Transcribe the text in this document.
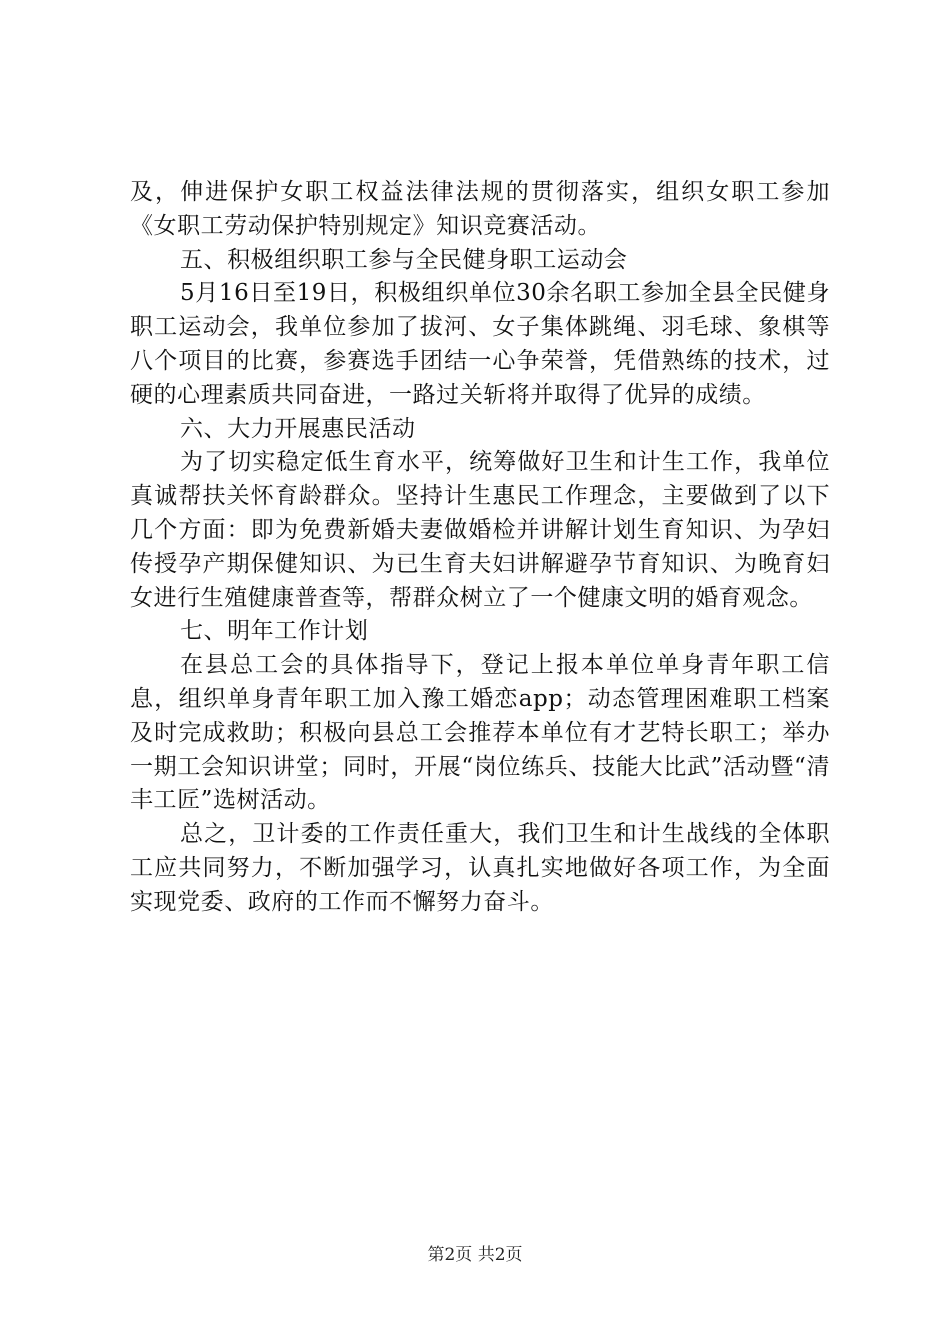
及，伸进保护女职工权益法律法规的贯彻落实，组织女职工参加《女职工劳动保护特别规定》知识竞赛活动。

五、积极组织职工参与全民健身职工运动会

5月16日至19日，积极组织单位30余名职工参加全县全民健身职工运动会，我单位参加了拔河、女子集体跳绳、羽毛球、象棋等八个项目的比赛，参赛选手团结一心争荣誉，凭借熟练的技术，过硬的心理素质共同奋进，一路过关斩将并取得了优异的成绩。

六、大力开展惠民活动

为了切实稳定低生育水平，统筹做好卫生和计生工作，我单位真诚帮扶关怀育龄群众。坚持计生惠民工作理念，主要做到了以下几个方面：即为免费新婚夫妻做婚检并讲解计划生育知识、为孕妇传授孕产期保健知识、为已生育夫妇讲解避孕节育知识、为晚育妇女进行生殖健康普查等，帮群众树立了一个健康文明的婚育观念。

七、明年工作计划

在县总工会的具体指导下，登记上报本单位单身青年职工信息，组织单身青年职工加入豫工婚恋app；动态管理困难职工档案及时完成救助；积极向县总工会推荐本单位有才艺特长职工；举办一期工会知识讲堂；同时，开展“岗位练兵、技能大比武”活动暨“清丰工匠”选树活动。

总之，卫计委的工作责任重大，我们卫生和计生战线的全体职工应共同努力，不断加强学习，认真扎实地做好各项工作，为全面实现党委、政府的工作而不懈努力奋斗。

第2页 共2页
